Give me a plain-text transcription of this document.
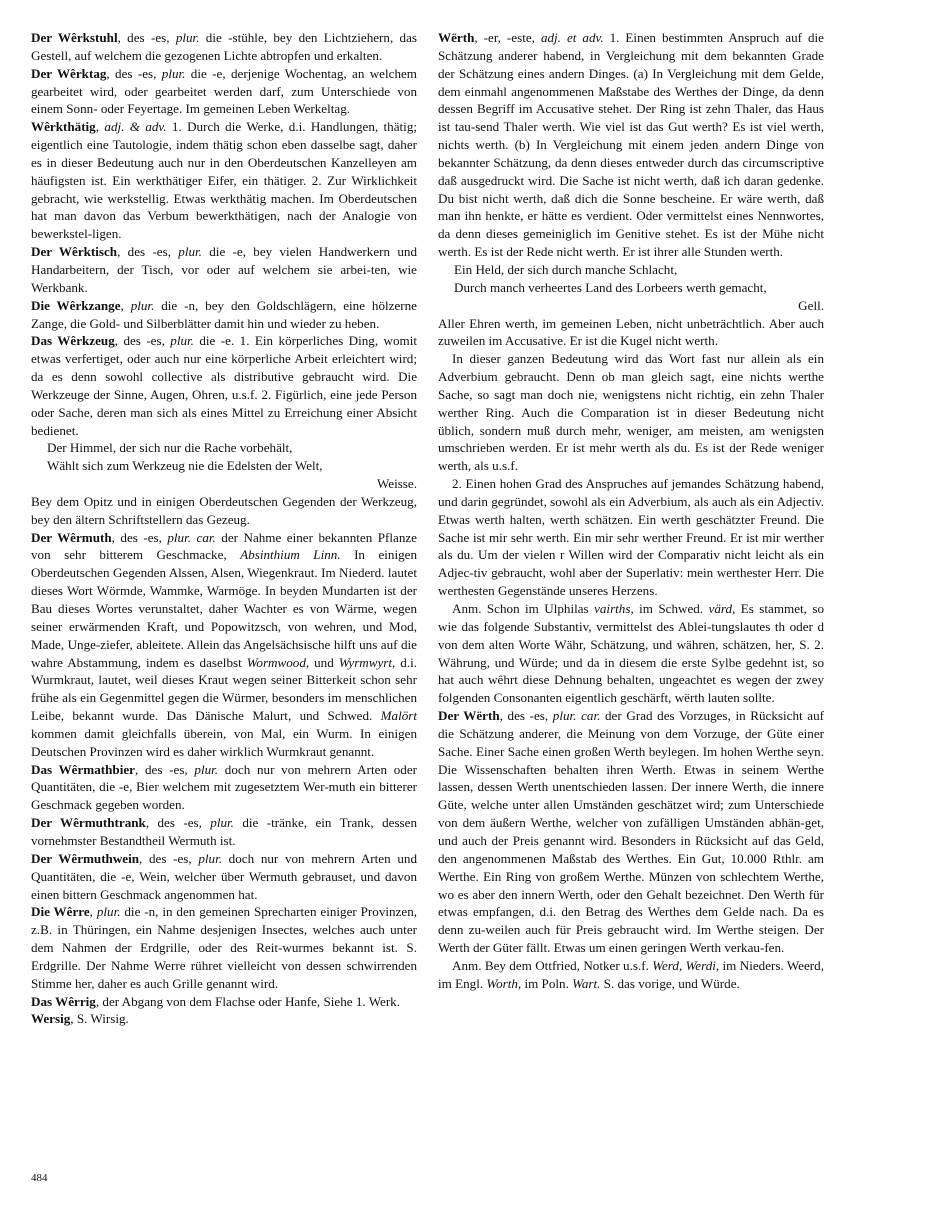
Der Wêrkstuhl, des -es, plur. die -stühle, bey den Lichtziehern, das Gestell, auf welchem die gezogenen Lichte abtropfen und erkalten.

Der Wêrktag, des -es, plur. die -e, derjenige Wochentag, an welchem gearbeitet wird, oder gearbeitet werden darf, zum Unterschiede von einem Sonn- oder Feyertage. Im gemeinen Leben Werkeltag.

Wêrkthätig, adj. & adv. 1. Durch die Werke, d.i. Handlungen, thätig; eigentlich eine Tautologie, indem thätig schon eben dasselbe sagt, daher es in dieser Bedeutung auch nur in den Oberdeutschen Kanzelleyen am häufigsten ist. Ein werkthätiger Eifer, ein thätiger. 2. Zur Wirklichkeit gebracht, wie werkstellig. Etwas werkthätig machen. Im Oberdeutschen hat man davon das Verbum bewerkthätigen, nach der Analogie von bewerkstel-ligen.

Der Wêrktisch, des -es, plur. die -e, bey vielen Handwerkern und Handarbeitern, der Tisch, vor oder auf welchem sie arbei-ten, wie Werkbank.

Die Wêrkzange, plur. die -n, bey den Goldschlägern, eine hölzerne Zange, die Gold- und Silberblätter damit hin und wieder zu heben.

Das Wêrkzeug, des -es, plur. die -e. 1. Ein körperliches Ding, womit etwas verfertiget, oder auch nur eine körperliche Arbeit erleichtert wird; da es denn sowohl collective als distributive gebraucht wird. Die Werkzeuge der Sinne, Augen, Ohren, u.s.f. 2. Figürlich, eine jede Person oder Sache, deren man sich als eines Mittel zu Erreichung einer Absicht bedienet.

Der Himmel, der sich nur die Rache vorbehält,

Wählt sich zum Werkzeug nie die Edelsten der Welt,

Weisse.

Bey dem Opitz und in einigen Oberdeutschen Gegenden der Werkzeug, bey den ältern Schriftstellern das Gezeug.

Der Wêrmuth, des -es, plur. car. der Nahme einer bekannten Pflanze von sehr bitterem Geschmacke, Absinthium Linn. In einigen Oberdeutschen Gegenden Alssen, Alsen, Wiegenkraut. Im Niederd. lautet dieses Wort Wörmde, Wammke, Warmöge. In beyden Mundarten ist der Bau dieses Wortes verunstaltet, daher Wachter es von Wärme, wegen seiner erwärmenden Kraft, und Popowitzsch, von wehren, und Mod, Made, Unge-ziefer, ableitete. Allein das Angelsächsische hilft uns auf die wahre Abstammung, indem es daselbst Wormwood, und Wyrmwyrt, d.i. Wurmkraut, lautet, weil dieses Kraut wegen seiner Bitterkeit schon sehr frühe als ein Gegenmittel gegen die Würmer, besonders im menschlichen Leibe, bekannt wurde. Das Dänische Malurt, und Schwed. Malört kommen damit gleichfalls überein, von Mal, ein Wurm. In einigen Deutschen Provinzen wird es daher wirklich Wurmkraut genannt.

Das Wêrmathbier, des -es, plur. doch nur von mehrern Arten oder Quantitäten, die -e, Bier welchem mit zugesetztem Wer-muth ein bitterer Geschmack gegeben worden.

Der Wêrmuthtrank, des -es, plur. die -tränke, ein Trank, dessen vornehmster Bestandtheil Wermuth ist.

Der Wêrmuthwein, des -es, plur. doch nur von mehrern Arten und Quantitäten, die -e, Wein, welcher über Wermuth gebrauset, und davon einen bittern Geschmack angenommen hat.

Die Wêrre, plur. die -n, in den gemeinen Sprecharten einiger Provinzen, z.B. in Thüringen, ein Nahme desjenigen Insectes, welches auch unter dem Nahmen der Erdgrille, oder des Reit-wurmes bekannt ist. S. Erdgrille. Der Nahme Werre rühret vielleicht von dessen schwirrenden Stimme her, daher es auch Grille genannt wird.

Das Wêrrig, der Abgang von dem Flachse oder Hanfe, Siehe 1. Werk.

Wersig, S. Wirsig.

Wërth, -er, -este, adj. et adv. 1. Einen bestimmten Anspruch auf die Schätzung anderer habend, in Vergleichung mit dem bekannten Grade der Schätzung eines andern Dinges. (a) In Vergleichung mit dem Gelde, dem einmahl angenommenen Maßstabe des Werthes der Dinge, da denn dessen Begriff im Accusative stehet. Der Ring ist zehn Thaler, das Haus ist tau-send Thaler werth. Wie viel ist das Gut werth? Es ist viel werth, nichts werth. (b) In Vergleichung mit einem jeden andern Dinge von bekannter Schätzung, da denn dieses entweder durch das circumscriptive daß ausgedruckt wird. Die Sache ist nicht werth, daß ich daran gedenke. Du bist nicht werth, daß dich die Sonne bescheine. Er wäre werth, daß man ihn henkte, er hätte es verdient. Oder vermittelst eines Nennwortes, da denn dieses gemeiniglich im Genitive stehet. Es ist der Mühe nicht werth. Es ist der Rede nicht werth. Er ist ihrer alle Stunden werth.

Ein Held, der sich durch manche Schlacht,

Durch manch verheertes Land des Lorbeers werth gemacht,

Gell.

Aller Ehren werth, im gemeinen Leben, nicht unbeträchtlich. Aber auch zuweilen im Accusative. Er ist die Kugel nicht werth.

In dieser ganzen Bedeutung wird das Wort fast nur allein als ein Adverbium gebraucht. Denn ob man gleich sagt, eine nichts werthe Sache, so sagt man doch nie, wenigstens nicht richtig, ein zehn Thaler werther Ring. Auch die Comparation ist in dieser Bedeutung nicht üblich, sondern muß durch mehr, weniger, am meisten, am wenigsten umschrieben werden. Er ist mehr werth als du. Es ist der Rede weniger werth, als u.s.f.

2. Einen hohen Grad des Anspruches auf jemandes Schätzung habend, und darin gegründet, sowohl als ein Adverbium, als auch als ein Adjectiv. Etwas werth halten, werth schätzen. Ein werth geschätzter Freund. Die Sache ist mir sehr werth. Ein mir sehr werther Freund. Er ist mir werther als du. Um der vielen r Willen wird der Comparativ nicht leicht als ein Adjec-tiv gebraucht, wohl aber der Superlativ: mein werthester Herr. Die werthesten Gegenstände unseres Herzens.

Anm. Schon im Ulphilas vairths, im Schwed. värd, Es stammet, so wie das folgende Substantiv, vermittelst des Ablei-tungslautes th oder d von dem alten Worte Währ, Schätzung, und währen, schätzen, her, S. 2. Währung, und Würde; und da in diesem die erste Sylbe gedehnt ist, so hat auch wêhrt diese Dehnung behalten, ungeachtet es wegen der zwey folgenden Consonanten eigentlich geschärft, wërth lauten sollte.

Der Wërth, des -es, plur. car. der Grad des Vorzuges, in Rücksicht auf die Schätzung anderer, die Meinung von dem Vorzuge, der Güte einer Sache. Einer Sache einen großen Werth beylegen. Im hohen Werthe seyn. Die Wissenschaften behalten ihren Werth. Etwas in seinem Werthe lassen, dessen Werth unentschieden lassen. Der innere Werth, die innere Güte, welche unter allen Umständen geschätzet wird; zum Unterschiede von dem äußern Werthe, welcher von zufälligen Umständen abhän-get, und auch der Preis genannt wird. Besonders in Rücksicht auf das Geld, den angenommenen Maßstab des Werthes. Ein Gut, 10.000 Rthlr. am Werthe. Ein Ring von großem Werthe. Münzen von schlechtem Werthe, wo es aber den innern Werth, oder den Gehalt bezeichnet. Den Werth für etwas empfangen, d.i. den Betrag des Werthes dem Gelde nach. Da es denn zu-weilen auch für Preis gebraucht wird. Im Werthe steigen. Der Werth der Güter fällt. Etwas um einen geringen Werth verkau-fen.

Anm. Bey dem Ottfried, Notker u.s.f. Werd, Werdi, im Nieders. Weerd, im Engl. Worth, im Poln. Wart. S. das vorige, und Würde.

484
